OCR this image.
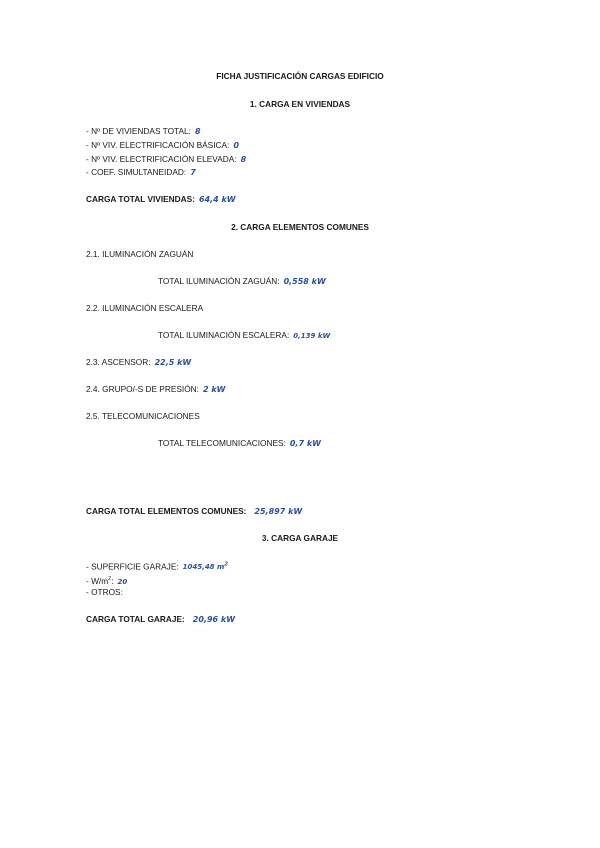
FICHA JUSTIFICACIÓN CARGAS EDIFICIO
1. CARGA EN VIVIENDAS
- Nº DE VIVIENDAS TOTAL: 8
- Nº VIV. ELECTRIFICACIÓN BÁSICA: 0
- Nº VIV. ELECTRIFICACIÓN ELEVADA: 8
- COEF. SIMULTANEIDAD: 7
CARGA TOTAL VIVIENDAS: 64,4 kW
2. CARGA ELEMENTOS COMUNES
2.1. ILUMINACIÓN ZAGUÁN
TOTAL ILUMINACIÓN ZAGUÁN: 0,558 kW
2.2. ILUMINACIÓN ESCALERA
TOTAL ILUMINACIÓN ESCALERA: 0,139 kW
2.3. ASCENSOR: 22,5 kW
2.4. GRUPO/-S DE PRESIÓN: 2 kW
2.5. TELECOMUNICACIONES
TOTAL TELECOMUNICACIONES: 0,7 kW
CARGA TOTAL ELEMENTOS COMUNES: 25,897 kW
3. CARGA GARAJE
- SUPERFICIE GARAJE: 1045,48 $m^2$
- $W/m^2$: 20
- OTROS:
CARGA TOTAL GARAJE: 20,96 kW
